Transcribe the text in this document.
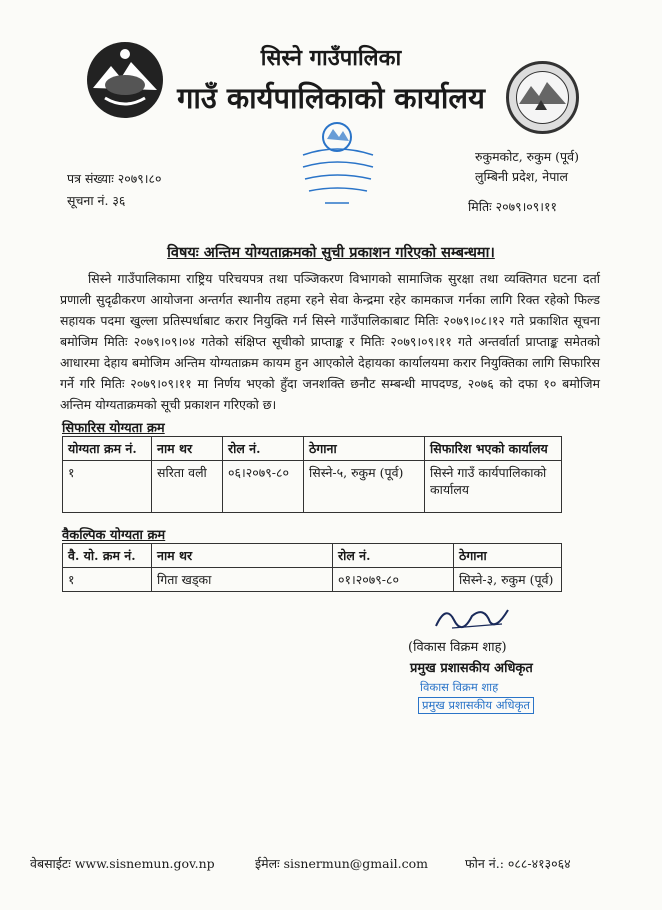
सिस्ने गाउँपालिका
गाउँ कार्यपालिकाको कार्यालय
पत्र संख्याः २०७९।८०
सूचना नं. ३६
रुकुमकोट, रुकुम (पूर्व)
लुम्बिनी प्रदेश, नेपाल
मितिः २०७९।०९।११
विषयः अन्तिम योग्यताक्रमको सुची प्रकाशन गरिएको सम्बन्धमा।
सिस्ने गाउँपालिकामा राष्ट्रिय परिचयपत्र तथा पञ्जिकरण विभागको सामाजिक सुरक्षा तथा व्यक्तिगत घटना दर्ता प्रणाली सुदृढीकरण आयोजना अन्तर्गत स्थानीय तहमा रहने सेवा केन्द्रमा रहेर कामकाज गर्नका लागि रिक्त रहेको फिल्ड सहायक पदमा खुल्ला प्रतिस्पर्धाबाट करार नियुक्ति गर्न सिस्ने गाउँपालिकाबाट मितिः २०७९।०८।१२ गते प्रकाशित सूचना बमोजिम मितिः २०७९।०९।०४ गतेको संक्षिप्त सूचीको प्राप्ताङ्क र मितिः २०७९।०९।११ गते अन्तर्वार्ता प्राप्ताङ्क समेतको आधारमा देहाय बमोजिम अन्तिम योग्यताक्रम कायम हुन आएकोले देहायका कार्यालयमा करार नियुक्तिका लागि सिफारिस गर्ने गरि मितिः २०७९।०९।११ मा निर्णय भएको हुँदा जनशक्ति छनौट सम्बन्धी मापदण्ड, २०७६ को दफा १० बमोजिम अन्तिम योग्यताक्रमको सूची प्रकाशन गरिएको छ।
सिफारिस योग्यता क्रम
योग्यता क्रम नं.	नाम थर	रोल नं.	ठेगाना	सिफारिश भएको कार्यालय
१	सरिता वली	०६।२०७९-८०	सिस्ने-५, रुकुम (पूर्व)	सिस्ने गाउँ कार्यपालिकाको कार्यालय
वैकल्पिक योग्यता क्रम
वै. यो. क्रम नं.	नाम थर	रोल नं.	ठेगाना
१	गिता खड्का	०१।२०७९-८०	सिस्ने-३, रुकुम (पूर्व)
(विकास विक्रम शाह)
प्रमुख प्रशासकीय अधिकृत
विकास विक्रम शाह
प्रमुख प्रशासकीय अधिकृत
वेबसाईटः www.sisnemun.gov.np	ईमेलः sisnermun@gmail.com	फोन नं.: ०८८-४१३०६४
